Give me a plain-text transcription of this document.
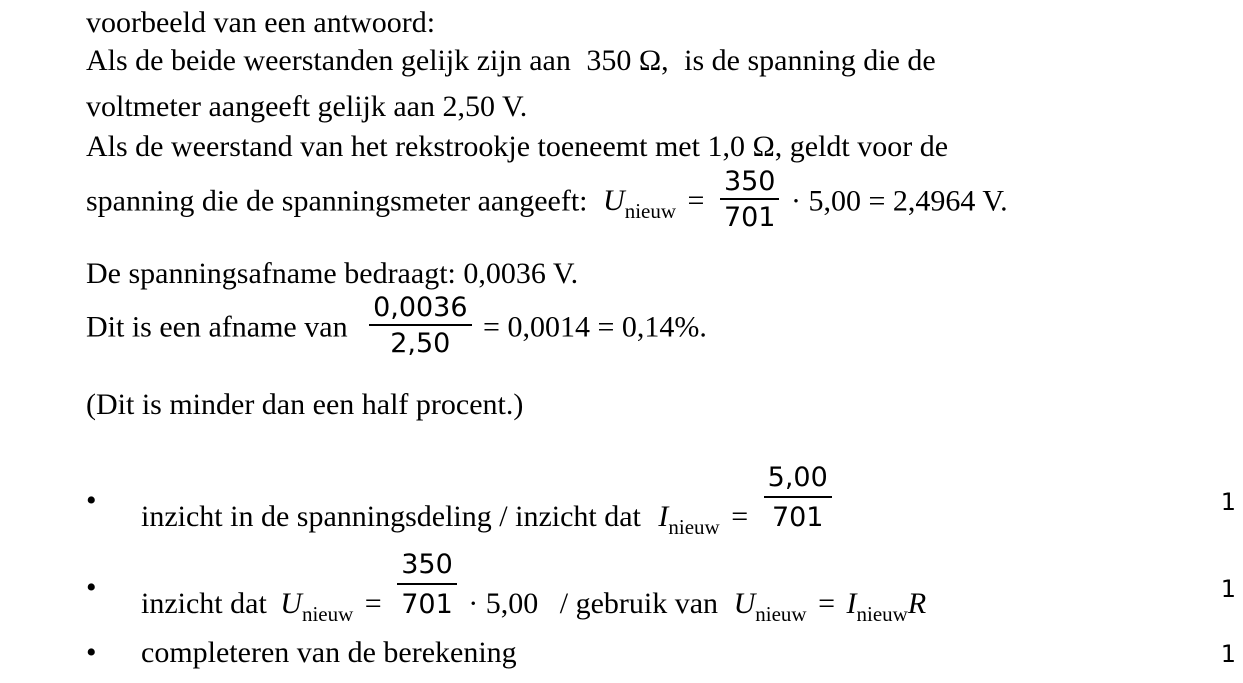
voorbeeld van een antwoord:
Als de beide weerstanden gelijk zijn aan 350 Ω, is de spanning die de
voltmeter aangeeft gelijk aan 2,50 V.
Als de weerstand van het rekstrookje toeneemt met 1,0 Ω, geldt voor de
spanning die de spanningsmeter aangeeft: $U_{nieuw} = \frac{350}{701} \cdot 5,00 = 2,4964$ V.
De spanningsafname bedraagt: 0,0036 V.
Dit is een afname van $\frac{0,0036}{2,50} = 0,0014 = 0,14\%$.
(Dit is minder dan een half procent.)
• inzicht in de spanningsdeling / inzicht dat $I_{nieuw} = \frac{5,00}{701}$	1
• inzicht dat $U_{nieuw} = \frac{350}{701} \cdot 5,00$ / gebruik van $U_{nieuw} = I_{nieuw}R$	1
• completeren van de berekening	1
